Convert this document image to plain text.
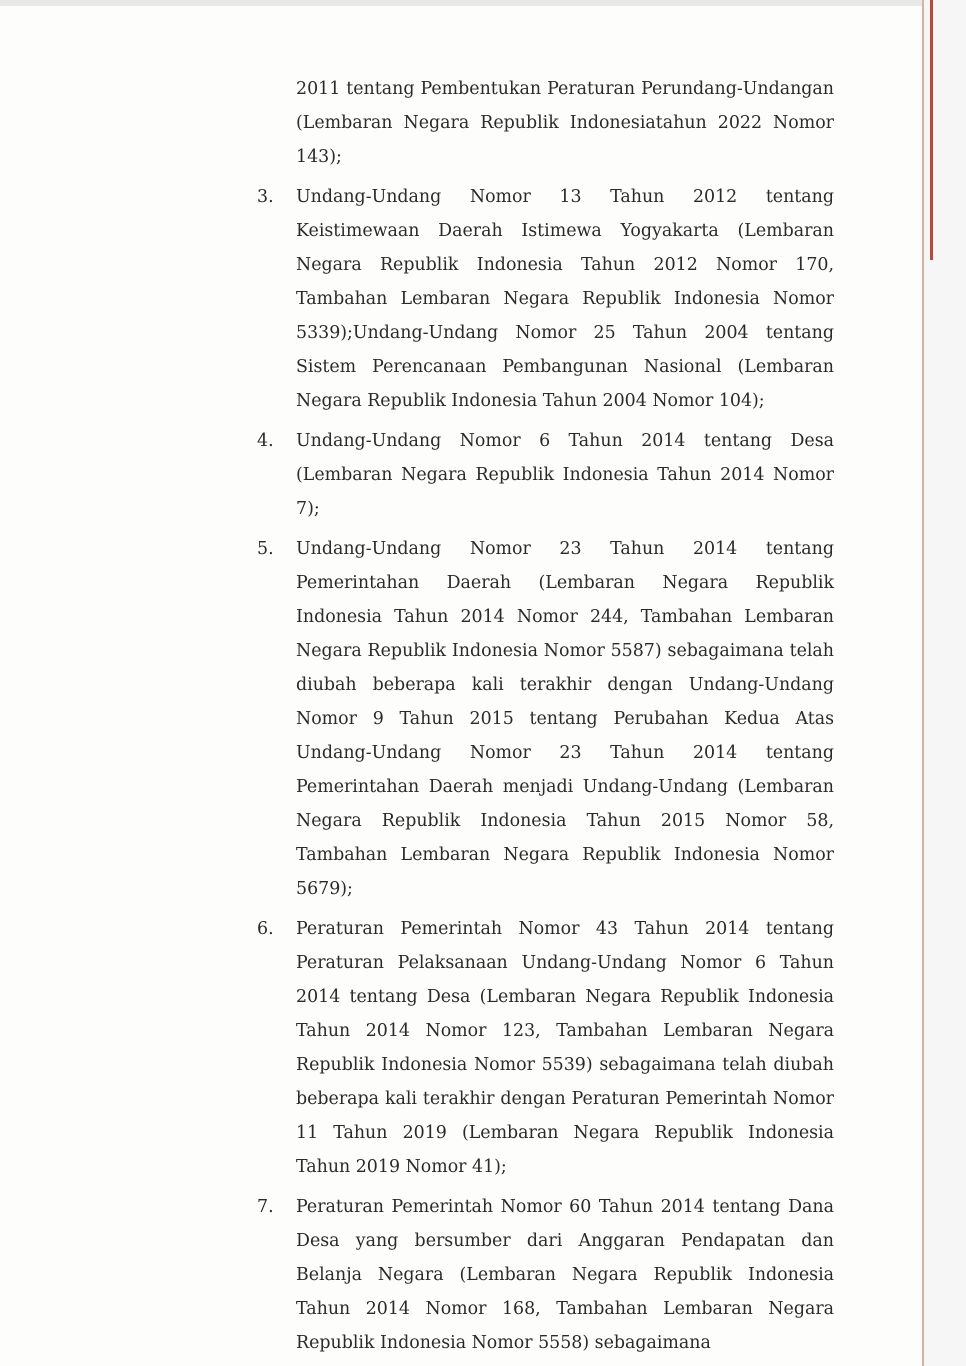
2011 tentang Pembentukan Peraturan Perundang-Undangan (Lembaran Negara Republik Indonesiatahun 2022 Nomor 143);

3.	Undang-Undang Nomor 13 Tahun 2012 tentang Keistimewaan Daerah Istimewa Yogyakarta (Lembaran Negara Republik Indonesia Tahun 2012 Nomor 170, Tambahan Lembaran Negara Republik Indonesia Nomor 5339);Undang-Undang Nomor 25 Tahun 2004 tentang Sistem Perencanaan Pembangunan Nasional (Lembaran Negara Republik Indonesia Tahun 2004 Nomor 104);
4.	Undang-Undang Nomor 6 Tahun 2014 tentang Desa (Lembaran Negara Republik Indonesia Tahun 2014 Nomor 7);
5.	Undang-Undang Nomor 23 Tahun 2014 tentang Pemerintahan Daerah (Lembaran Negara Republik Indonesia Tahun 2014 Nomor 244, Tambahan Lembaran Negara Republik Indonesia Nomor 5587) sebagaimana telah diubah beberapa kali terakhir dengan Undang-Undang Nomor 9 Tahun 2015 tentang Perubahan Kedua Atas Undang-Undang Nomor 23 Tahun 2014 tentang Pemerintahan Daerah menjadi Undang-Undang (Lembaran Negara Republik Indonesia Tahun 2015 Nomor 58, Tambahan Lembaran Negara Republik Indonesia Nomor 5679);
6.	Peraturan Pemerintah Nomor 43 Tahun 2014 tentang Peraturan Pelaksanaan Undang-Undang Nomor 6 Tahun 2014 tentang Desa (Lembaran Negara Republik Indonesia Tahun 2014 Nomor 123, Tambahan Lembaran Negara Republik Indonesia Nomor 5539) sebagaimana telah diubah beberapa kali terakhir dengan Peraturan Pemerintah Nomor 11 Tahun 2019 (Lembaran Negara Republik Indonesia Tahun 2019 Nomor 41);
7.	Peraturan Pemerintah Nomor 60 Tahun 2014 tentang Dana Desa yang bersumber dari Anggaran Pendapatan dan Belanja Negara (Lembaran Negara Republik Indonesia Tahun 2014 Nomor 168, Tambahan Lembaran Negara Republik Indonesia Nomor 5558) sebagaimana
